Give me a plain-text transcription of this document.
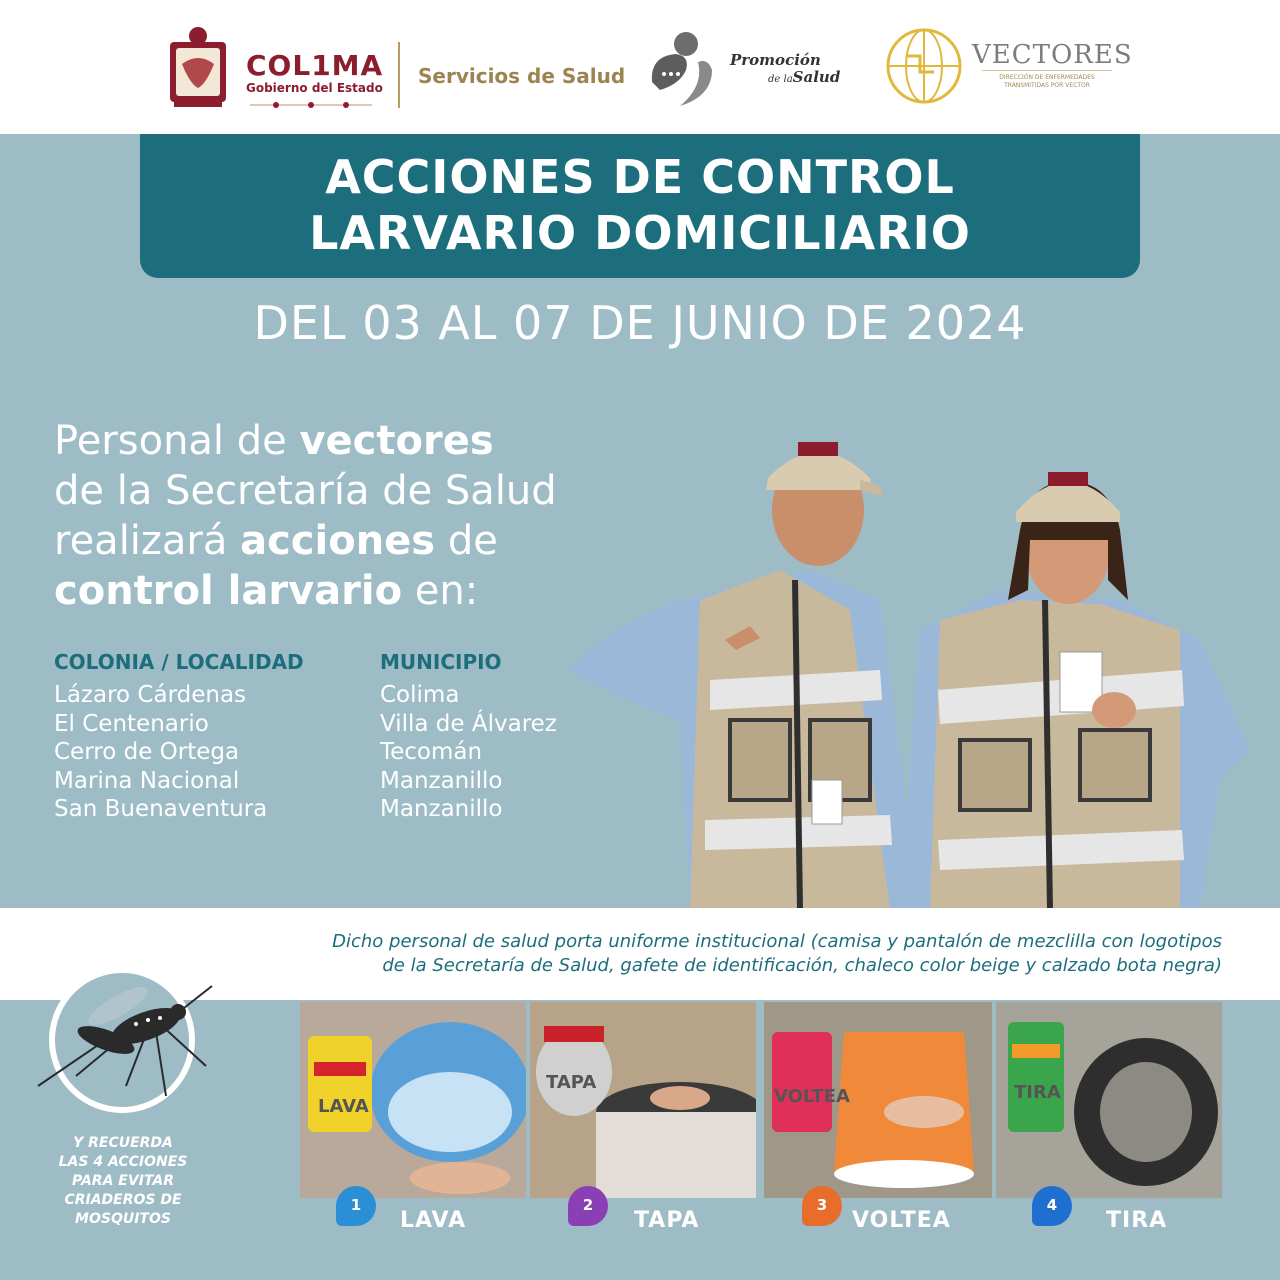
COL1MA
Gobierno del Estado Servicios de Salud
Promoción
de laSalud
VECTORES
DIRECCIÓN DE ENFERMEDADES TRANSMITIDAS POR VECTOR
ACCIONES DE CONTROL
LARVARIO DOMICILIARIO
DEL 03 AL 07 DE JUNIO DE 2024
Personal de vectores
de la Secretaría de Salud
realizará acciones de
control larvario en:
COLONIA / LOCALIDAD	MUNICIPIO
Lázaro Cárdenas
El Centenario
Cerro de Ortega
Marina Nacional
San Buenaventura
Colima
Villa de Álvarez
Tecomán
Manzanillo
Manzanillo
Dicho personal de salud porta uniforme institucional (camisa y pantalón de mezclilla con logotipos
de la Secretaría de Salud, gafete de identificación, chaleco color beige y calzado bota negra)
Y RECUERDA
LAS 4 ACCIONES
PARA EVITAR
CRIADEROS DE
MOSQUITOS
LAVA
TAPA
VOLTEA	TIRA
1
LAVA
2
TAPA
3
VOLTEA
4
TIRA
